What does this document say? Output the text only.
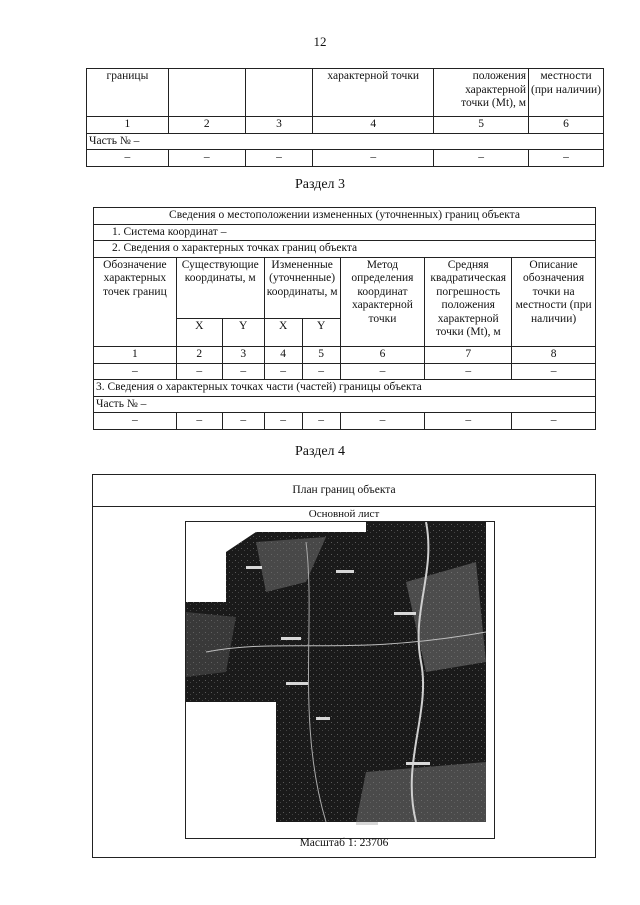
12
границы			характерной точки	положения характерной точки (Mt), м	местности (при наличии)
1	2	3	4	5	6
Часть № –					
–	–	–	–	–	–
Раздел 3
Сведения о местоположении измененных (уточненных) границ объекта							
1. Система координат –							
2. Сведения о характерных точках границ объекта							
Обозначение характерных точек границ	Существующие координаты, м		Измененные (уточненные) координаты, м		Метод определения координат характерной точки	Средняя квадратическая погрешность положения характерной точки (Mt), м	Описание обозначения точки на местности (при наличии)
	X	Y	X	Y			
1	2	3	4	5	6	7	8
–	–	–	–	–	–	–	–
3. Сведения о характерных точках части (частей) границы объекта							
Часть № –							
–	–	–	–	–	–	–	–
Раздел 4
План границ объекта
Основной лист
Масштаб 1: 23706
